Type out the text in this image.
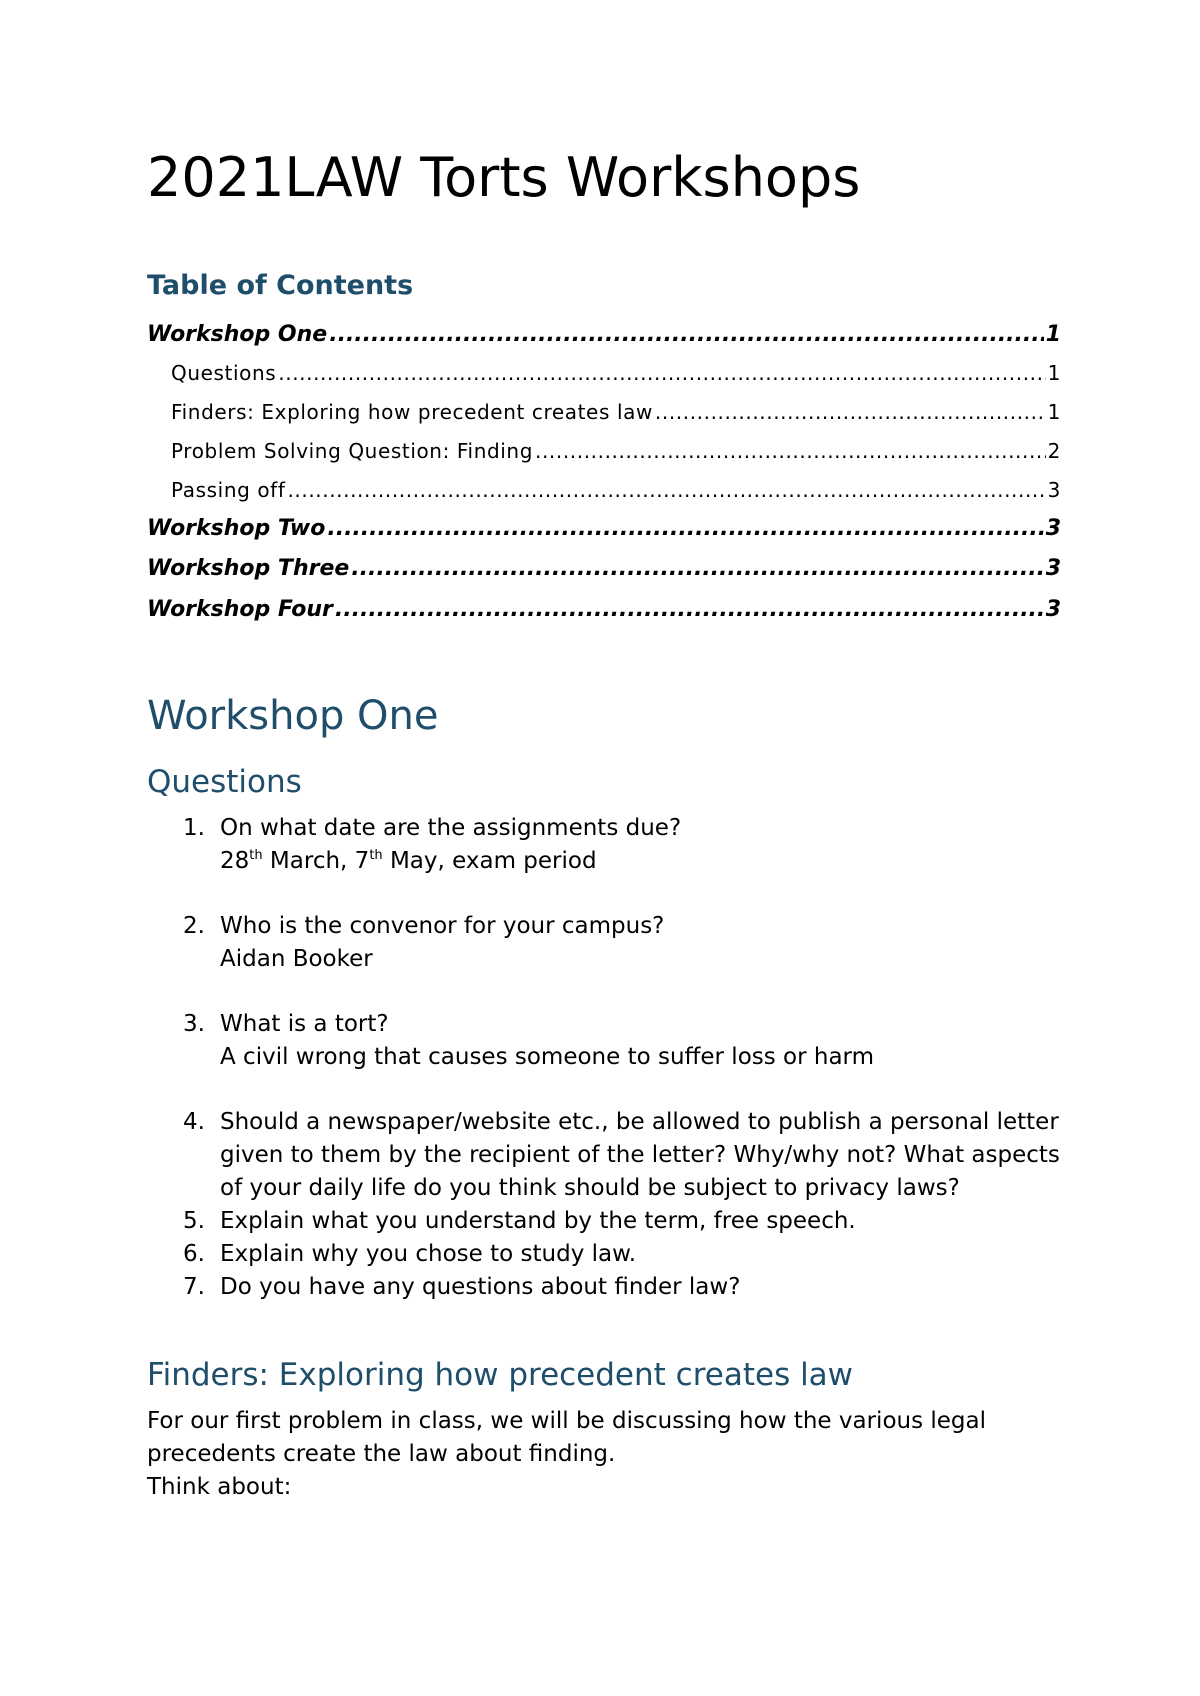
2021LAW Torts Workshops
Table of Contents
Workshop One .....	1
Questions .....	1
Finders: Exploring how precedent creates law .....	1
Problem Solving Question: Finding .....	2
Passing off .....	3
Workshop Two .....	3
Workshop Three .....	3
Workshop Four .....	3
Workshop One
Questions
1. On what date are the assignments due?
28th March, 7th May, exam period
2. Who is the convenor for your campus?
Aidan Booker
3. What is a tort?
A civil wrong that causes someone to suffer loss or harm
4. Should a newspaper/website etc., be allowed to publish a personal letter given to them by the recipient of the letter? Why/why not? What aspects of your daily life do you think should be subject to privacy laws?
5. Explain what you understand by the term, free speech.
6. Explain why you chose to study law.
7. Do you have any questions about finder law?
Finders: Exploring how precedent creates law

For our first problem in class, we will be discussing how the various legal precedents create the law about finding.

Think about:
